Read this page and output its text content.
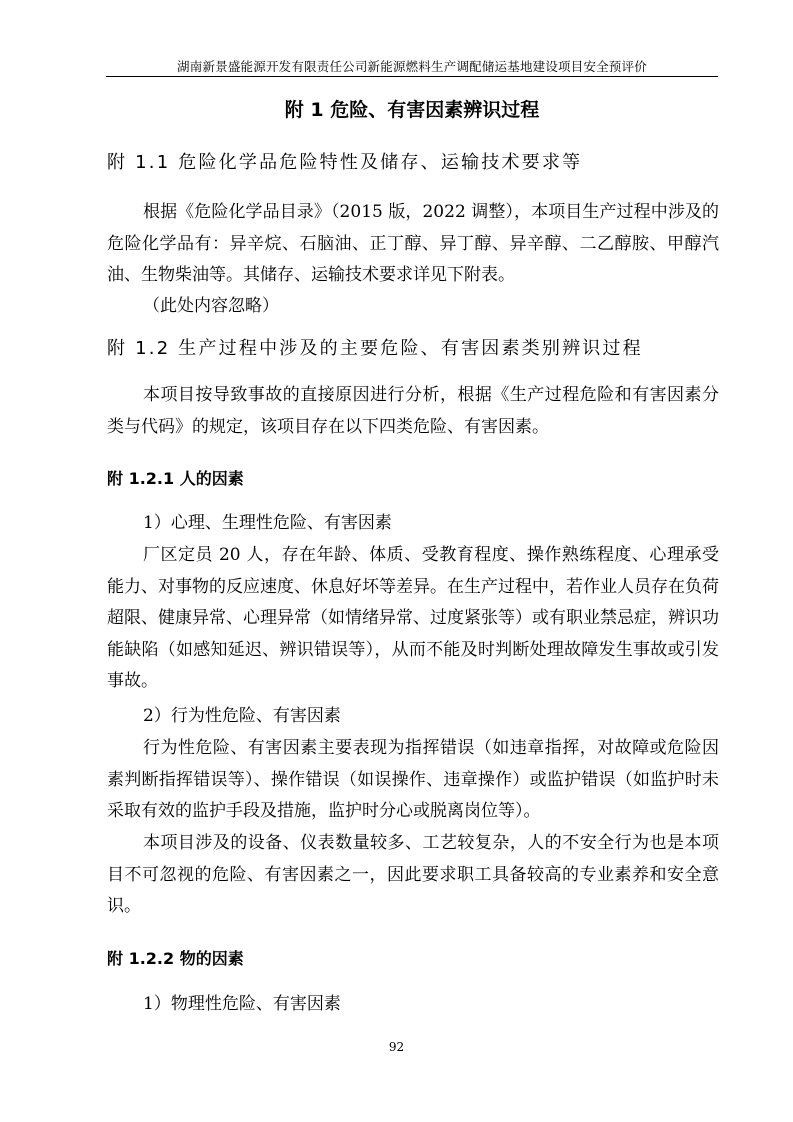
湖南新景盛能源开发有限责任公司新能源燃料生产调配储运基地建设项目安全预评价
附 1 危险、有害因素辨识过程
附 1.1 危险化学品危险特性及储存、运输技术要求等

根据《危险化学品目录》（2015 版，2022 调整），本项目生产过程中涉及的危险化学品有：异辛烷、石脑油、正丁醇、异丁醇、异辛醇、二乙醇胺、甲醇汽油、生物柴油等。其储存、运输技术要求详见下附表。

（此处内容忽略）

附 1.2 生产过程中涉及的主要危险、有害因素类别辨识过程

本项目按导致事故的直接原因进行分析，根据《生产过程危险和有害因素分类与代码》的规定，该项目存在以下四类危险、有害因素。

附 1.2.1 人的因素

1）心理、生理性危险、有害因素

厂区定员 20 人，存在年龄、体质、受教育程度、操作熟练程度、心理承受能力、对事物的反应速度、休息好坏等差异。在生产过程中，若作业人员存在负荷超限、健康异常、心理异常（如情绪异常、过度紧张等）或有职业禁忌症，辨识功能缺陷（如感知延迟、辨识错误等），从而不能及时判断处理故障发生事故或引发事故。

2）行为性危险、有害因素

行为性危险、有害因素主要表现为指挥错误（如违章指挥，对故障或危险因素判断指挥错误等）、操作错误（如误操作、违章操作）或监护错误（如监护时未采取有效的监护手段及措施，监护时分心或脱离岗位等）。

本项目涉及的设备、仪表数量较多、工艺较复杂，人的不安全行为也是本项目不可忽视的危险、有害因素之一，因此要求职工具备较高的专业素养和安全意识。

附 1.2.2 物的因素

1）物理性危险、有害因素

92
